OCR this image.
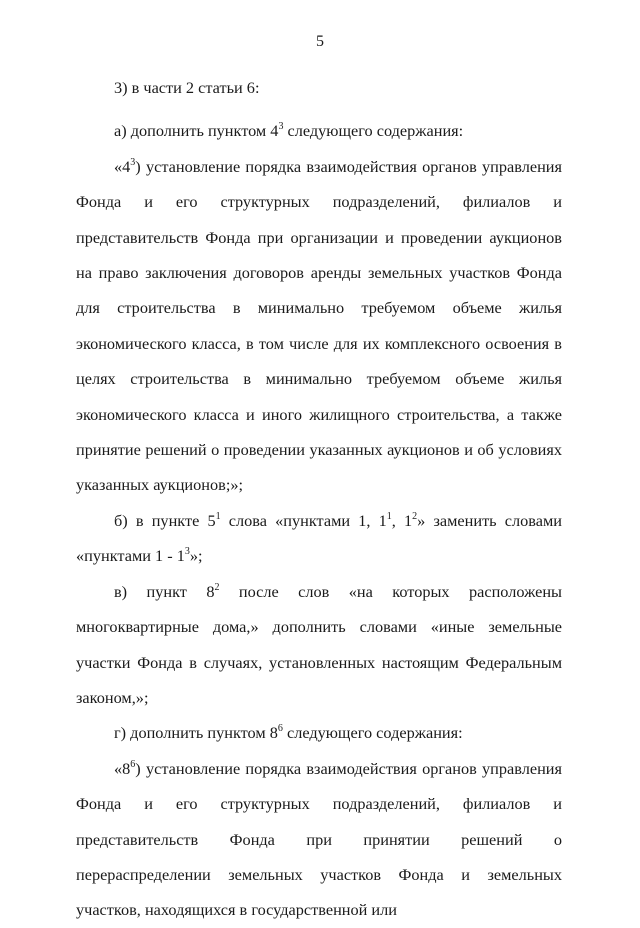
5

3) в части 2 статьи 6:

а) дополнить пунктом $4^3$ следующего содержания:

«$4^3$) установление порядка взаимодействия органов управления Фонда и его структурных подразделений, филиалов и представительств Фонда при организации и проведении аукционов на право заключения договоров аренды земельных участков Фонда для строительства в минимально требуемом объеме жилья экономического класса, в том числе для их комплексного освоения в целях строительства в минимально требуемом объеме жилья экономического класса и иного жилищного строительства, а также принятие решений о проведении указанных аукционов и об условиях указанных аукционов;»;

б) в пункте $5^1$ слова «пунктами 1, $1^1$, $1^2$» заменить словами «пунктами $1 - 1^3$»;

в) пункт $8^2$ после слов «на которых расположены многоквартирные дома,» дополнить словами «иные земельные участки Фонда в случаях, установленных настоящим Федеральным законом,»;

г) дополнить пунктом $8^6$ следующего содержания:

«$8^6$) установление порядка взаимодействия органов управления Фонда и его структурных подразделений, филиалов и представительств Фонда при принятии решений о перераспределении земельных участков Фонда и земельных участков, находящихся в государственной или
